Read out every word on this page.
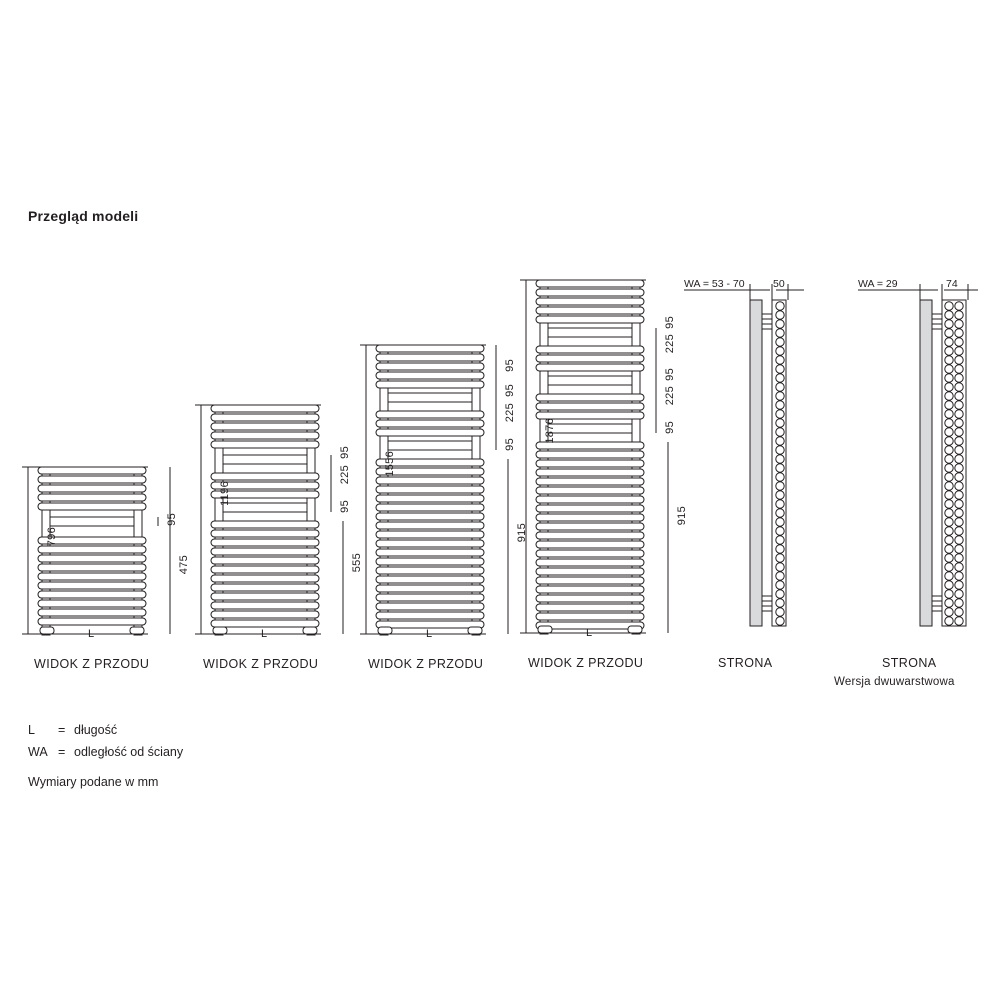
Przegląd modeli
796
475
95
L
WIDOK Z PRZODU
1196
555
95
225
95
L
WIDOK Z PRZODU
1556
915
95
225
95
95
L
WIDOK Z PRZODU
1876
915
95
225
95
225
95
L
WIDOK Z PRZODU
WA = 53 - 70	50
STRONA
WA = 29	74
STRONA
Wersja dwuwarstwowa
L = długość
WA = odległość od ściany
Wymiary podane w mm
